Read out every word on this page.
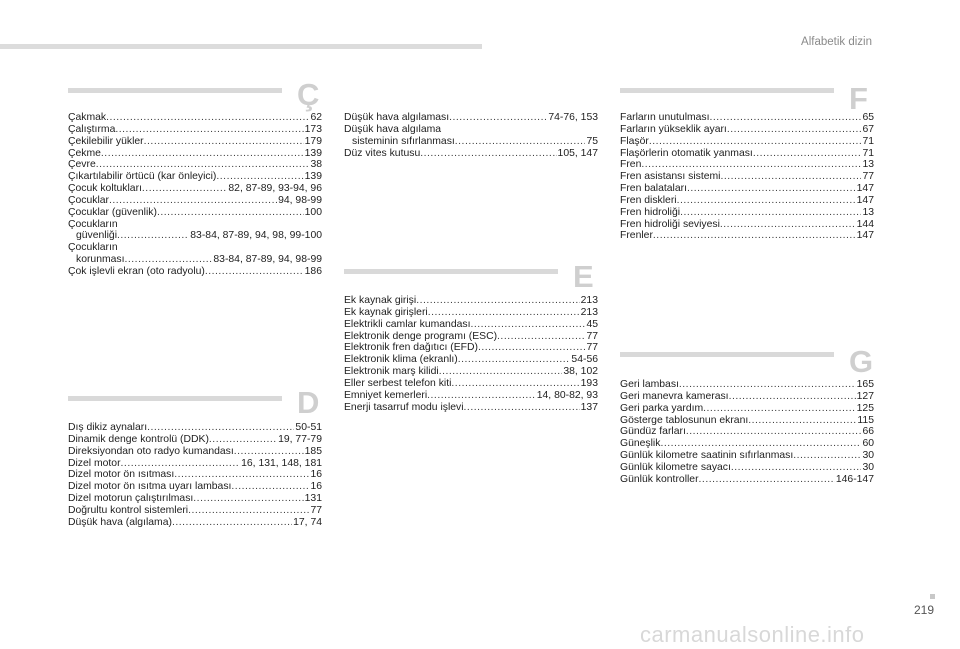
Alfabetik dizin
Ç
Çakmak .....	62
Çalıştırma .....	173
Çekilebilir yükler .....	179
Çekme .....	139
Çevre .....	38
Çıkartılabilir örtücü (kar önleyici) .....	139
Çocuk koltukları .....	82, 87-89, 93-94, 96
Çocuklar .....	94, 98-99
Çocuklar (güvenlik) .....	100
Çocukların
güvenliği .....	83-84, 87-89, 94, 98, 99-100
Çocukların
korunması .....	83-84, 87-89, 94, 98-99
Çok işlevli ekran (oto radyolu) .....	186
D
Dış dikiz aynaları .....	50-51
Dinamik denge kontrolü (DDK) .....	19, 77-79
Direksiyondan oto radyo kumandası .....	185
Dizel motor .....	16, 131, 148, 181
Dizel motor ön ısıtması .....	16
Dizel motor ön ısıtma uyarı lambası .....	16
Dizel motorun çalıştırılması .....	131
Doğrultu kontrol sistemleri .....	77
Düşük hava (algılama) .....	17, 74
Düşük hava algılaması .....	74-76, 153
Düşük hava algılama
sisteminin sıfırlanması .....	75
Düz vites kutusu .....	105, 147
E
Ek kaynak girişi .....	213
Ek kaynak girişleri .....	213
Elektrikli camlar kumandası .....	45
Elektronik denge programı (ESC) .....	77
Elektronik fren dağıtıcı (EFD) .....	77
Elektronik klima (ekranlı) .....	54-56
Elektronik marş kilidi .....	38, 102
Eller serbest telefon kiti .....	193
Emniyet kemerleri .....	14, 80-82, 93
Enerji tasarruf modu işlevi .....	137
F
Farların unutulması .....	65
Farların yükseklik ayarı .....	67
Flaşör .....	71
Flaşörlerin otomatik yanması .....	71
Fren .....	13
Fren asistansı sistemi .....	77
Fren balataları .....	147
Fren diskleri .....	147
Fren hidroliği .....	13
Fren hidroliği seviyesi .....	144
Frenler .....	147
G
Geri lambası .....	165
Geri manevra kamerası .....	127
Geri parka yardım .....	125
Gösterge tablosunun ekranı .....	115
Gündüz farları .....	66
Güneşlik .....	60
Günlük kilometre saatinin sıfırlanması .....	30
Günlük kilometre sayacı .....	30
Günlük kontroller .....	146-147
219
carmanualsonline.info
